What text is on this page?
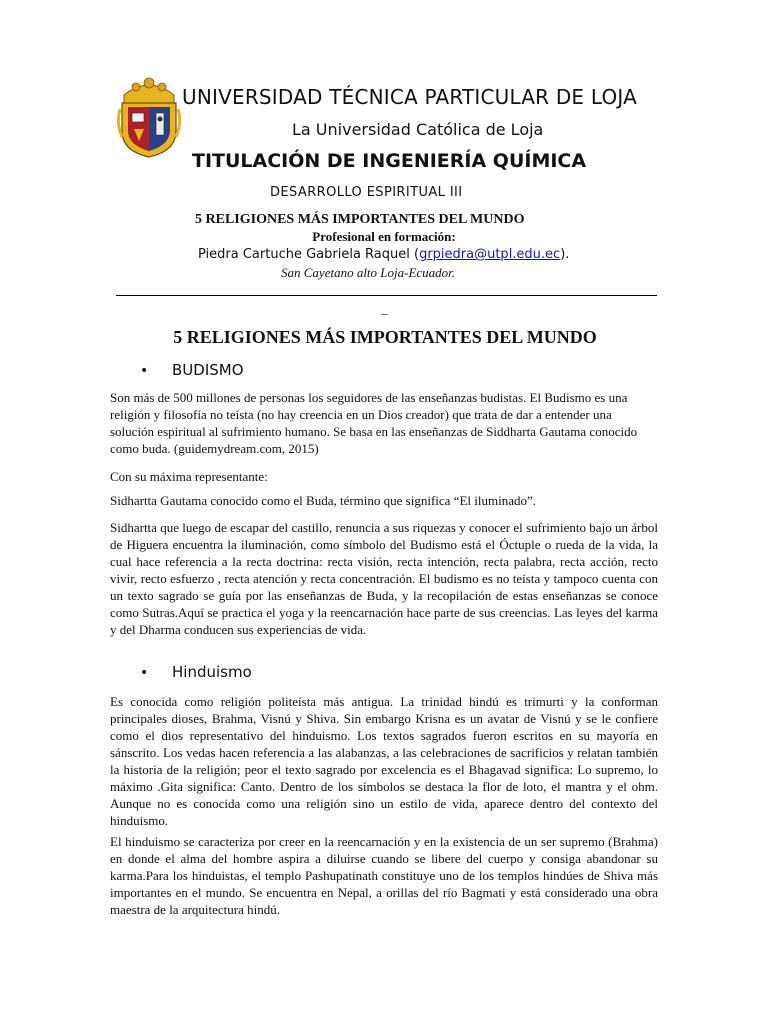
UNIVERSIDAD TÉCNICA PARTICULAR DE LOJA
La Universidad Católica de Loja
TITULACIÓN DE INGENIERÍA QUÍMICA
DESARROLLO ESPIRITUAL III
5 RELIGIONES MÁS IMPORTANTES DEL MUNDO
Profesional en formación:
Piedra Cartuche Gabriela Raquel (grpiedra@utpl.edu.ec).
San Cayetano alto Loja-Ecuador.
_
5 RELIGIONES MÁS IMPORTANTES DEL MUNDO
• BUDISMO

Son más de 500 millones de personas los seguidores de las enseñanzas budistas. El Budismo es una religión y filosofía no teísta (no hay creencia en un Dios creador) que trata de dar a entender una solución espiritual al sufrimiento humano. Se basa en las enseñanzas de Siddharta Gautama conocido como buda. (guidemydream.com, 2015)

Con su máxima representante:

Sidhartta Gautama conocido como el Buda, término que significa “El iluminado”.

Sidhartta que luego de escapar del castillo, renuncia a sus riquezas y conocer el sufrimiento bajo un árbol de Higuera encuentra la iluminación, como símbolo del Budismo está el Óctuple o rueda de la vida, la cual hace referencia a la recta doctrina: recta visión, recta intención, recta palabra, recta acción, recto vivir, recto esfuerzo , recta atención y recta concentración. El budismo es no teísta y tampoco cuenta con un texto sagrado se guía por las enseñanzas de Buda, y la recopilación de estas enseñanzas se conoce como Sutras.Aquí se practica el yoga y la reencarnación hace parte de sus creencias. Las leyes del karma y del Dharma conducen sus experiencias de vida.

• Hinduismo

Es conocida como religión politeísta más antigua. La trinidad hindú es trimurti y la conforman principales dioses, Brahma, Visnú y Shiva. Sin embargo Krisna es un avatar de Visnú y se le confiere como el dios representativo del hinduismo. Los textos sagrados fueron escritos en su mayoría en sánscrito. Los vedas hacen referencia a las alabanzas, a las celebraciones de sacrificios y relatan también la historia de la religión; peor el texto sagrado por excelencia es el Bhagavad significa: Lo supremo, lo máximo .Gita significa: Canto. Dentro de los símbolos se destaca la flor de loto, el mantra y el ohm. Aunque no es conocida como una religión sino un estilo de vida, aparece dentro del contexto del hinduismo.

El hinduismo se caracteriza por creer en la reencarnación y en la existencia de un ser supremo (Brahma) en donde el alma del hombre aspira a diluirse cuando se libere del cuerpo y consiga abandonar su karma.Para los hinduistas, el templo Pashupatinath constituye uno de los templos hindúes de Shiva más importantes en el mundo. Se encuentra en Nepal, a orillas del río Bagmati y está considerado una obra maestra de la arquitectura hindú.
